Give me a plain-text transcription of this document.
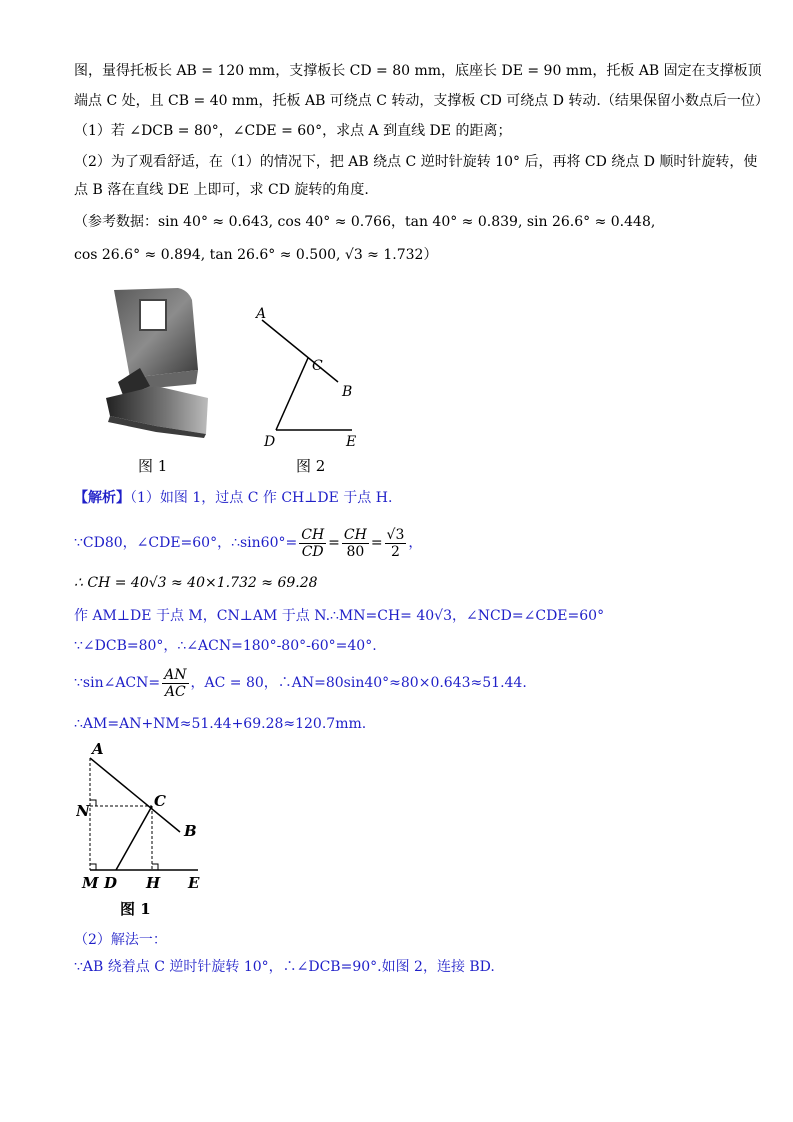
图，量得托板长 AB = 120 mm，支撑板长 CD = 80 mm，底座长 DE = 90 mm，托板 AB 固定在支撑板顶
端点 C 处，且 CB = 40 mm，托板 AB 可绕点 C 转动，支撑板 CD 可绕点 D 转动.（结果保留小数点后一位）
（1）若 ∠DCB = 80°，∠CDE = 60°，求点 A 到直线 DE 的距离；
（2）为了观看舒适，在（1）的情况下，把 AB 绕点 C 逆时针旋转 10° 后，再将 CD 绕点 D 顺时针旋转，使
点 B 落在直线 DE 上即可，求 CD 旋转的角度.
（参考数据：sin 40° ≈ 0.643, cos 40° ≈ 0.766，tan 40° ≈ 0.839, sin 26.6° ≈ 0.448,
cos 26.6° ≈ 0.894, tan 26.6° ≈ 0.500, √3 ≈ 1.732）
图 1
A
C
B
D	E
图 2
【解析】（1）如图 1，过点 C 作 CH⊥DE 于点 H.
∵CD80，∠CDE=60°，∴sin60°= $\frac{CH}{CD} = \frac{CH}{80} = \frac{√3}{2}$ ，
∴ CH = 40√3 ≈ 40×1.732 ≈ 69.28
作 AM⊥DE 于点 M，CN⊥AM 于点 N.∴MN=CH= 40√3，∠NCD=∠CDE=60°
∵∠DCB=80°，∴∠ACN=180°-80°-60°=40°.
∵sin∠ACN= $\frac{AN}{AC}$ ，AC = 80，∴AN=80sin40°≈80×0.643≈51.44.
∴AM=AN+NM≈51.44+69.28≈120.7mm.
A
N
C
B
M D H E
图 1
（2）解法一：
∵AB 绕着点 C 逆时针旋转 10°，∴∠DCB=90°.如图 2，连接 BD.
